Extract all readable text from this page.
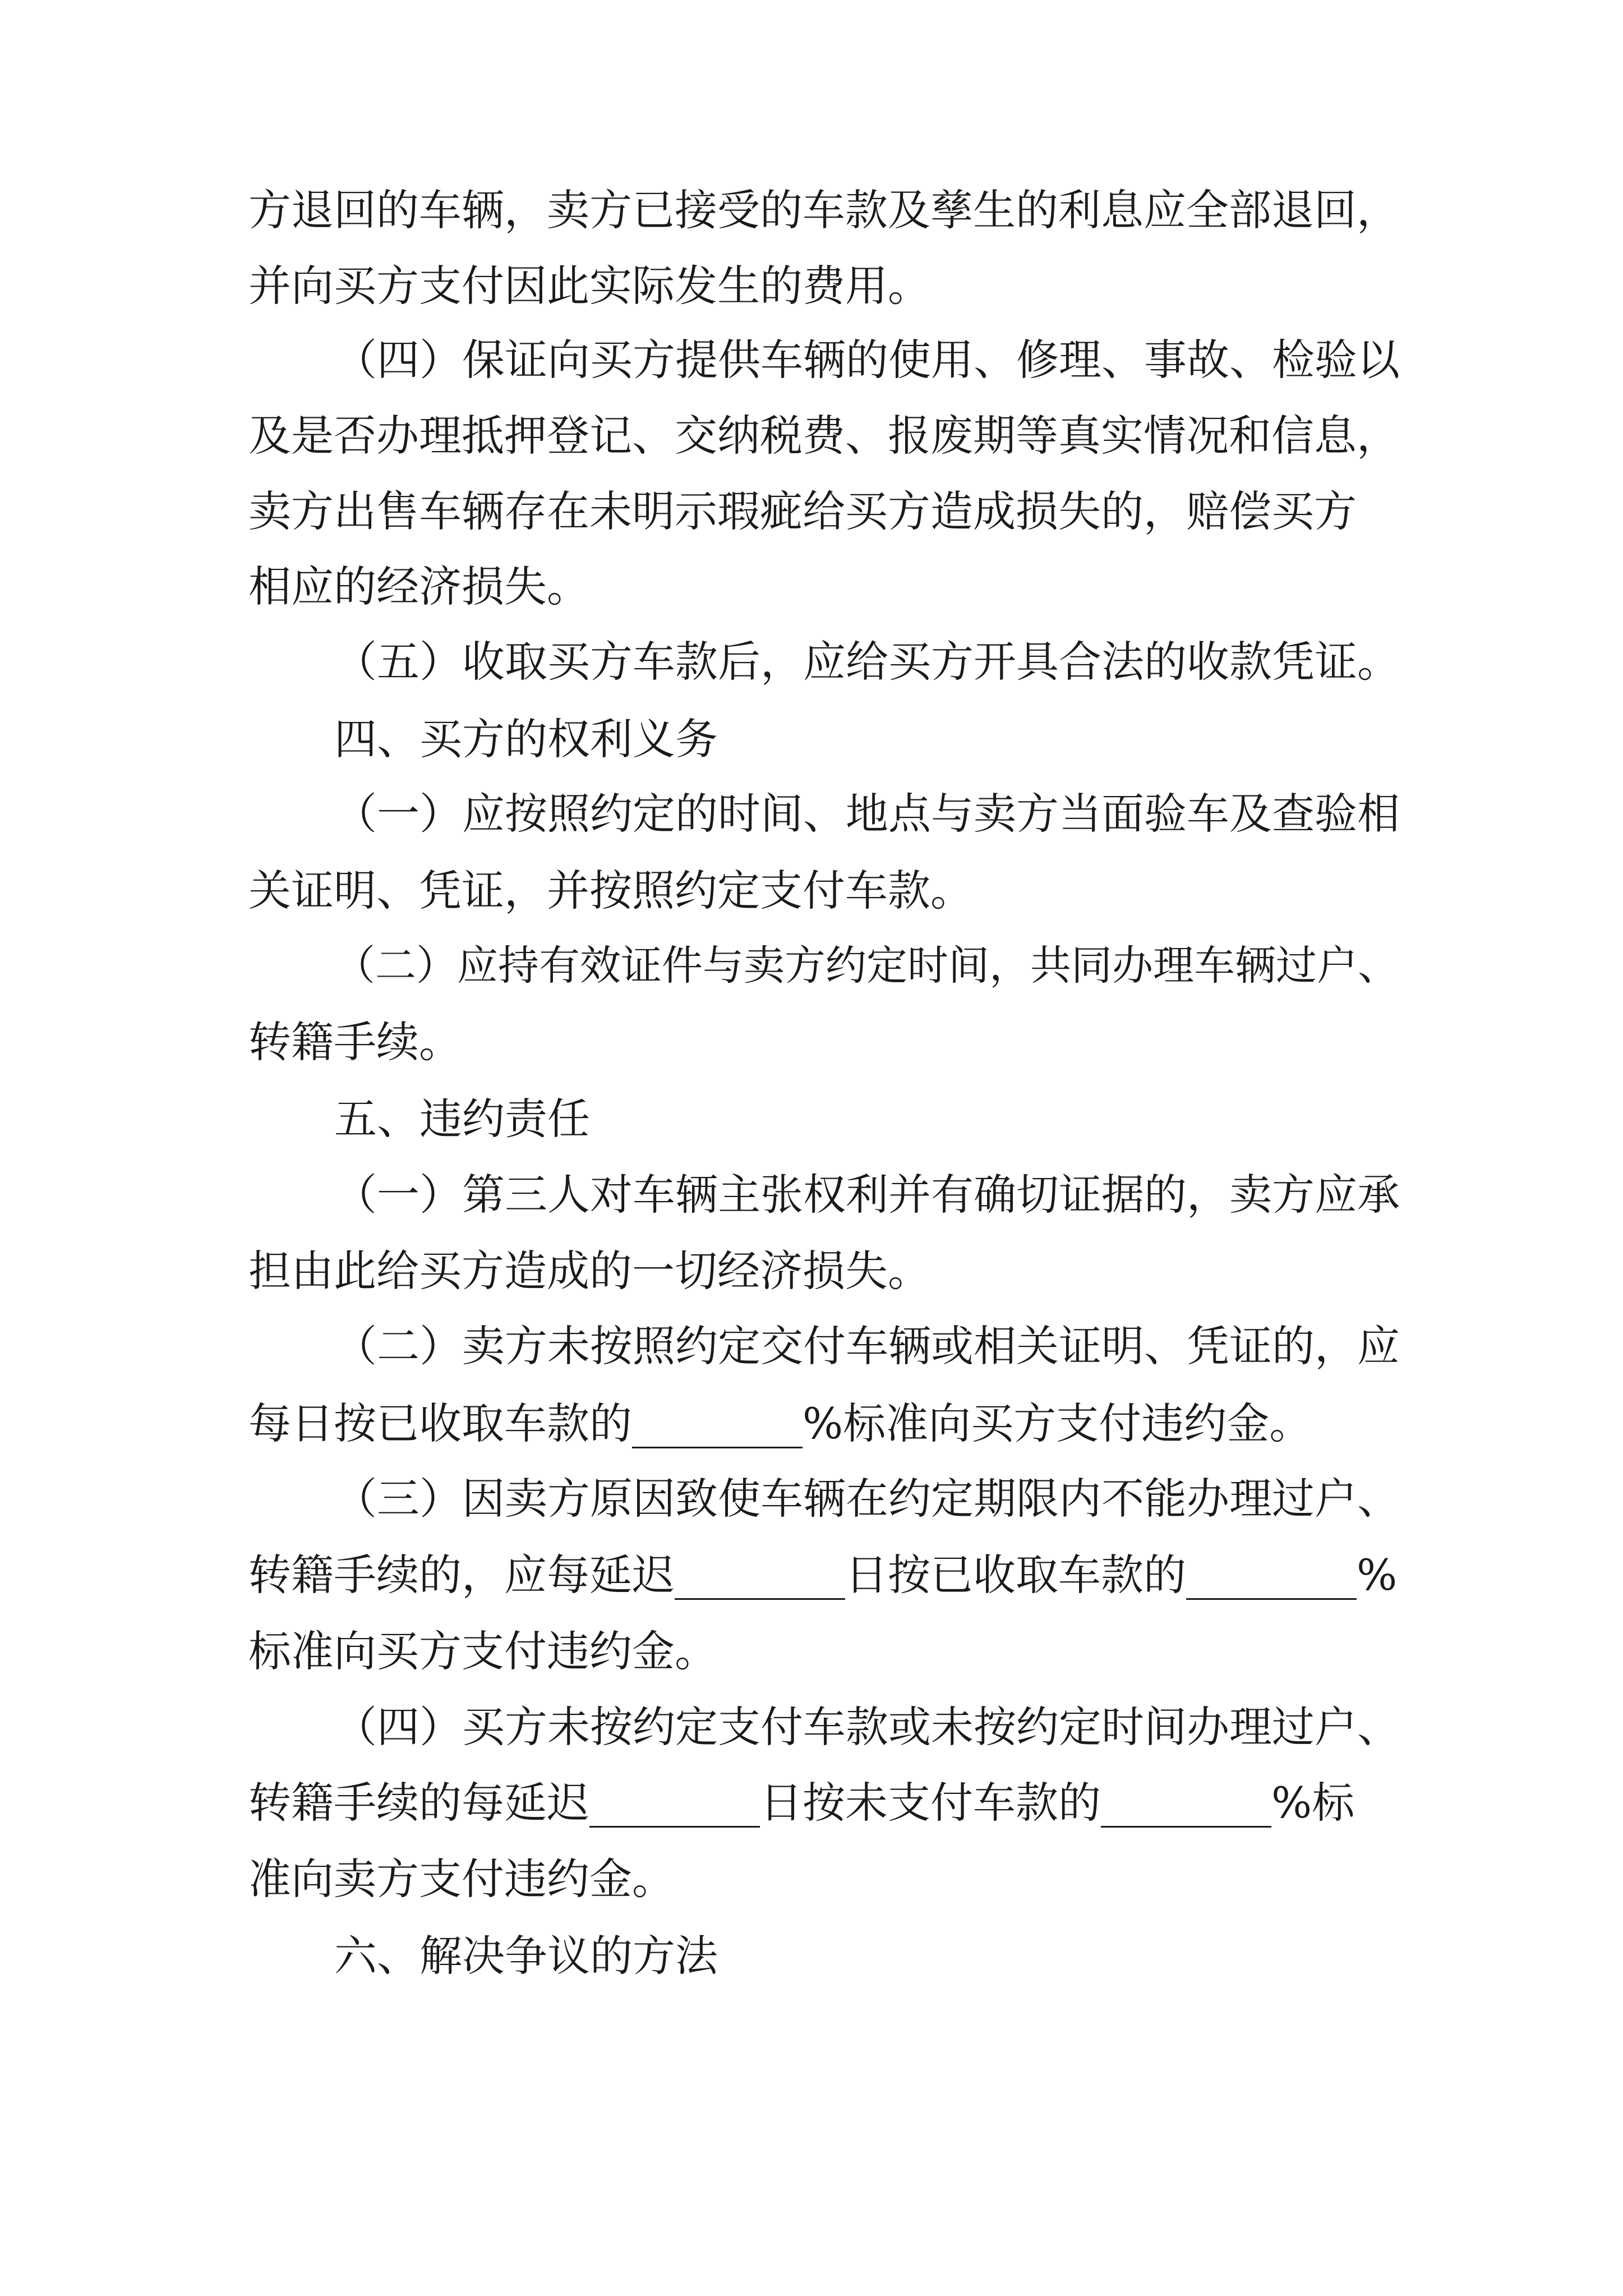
方退回的车辆，卖方已接受的车款及孳生的利息应全部退回，

并向买方支付因此实际发生的费用。

（四）保证向买方提供车辆的使用、修理、事故、检验以

及是否办理抵押登记、交纳税费、报废期等真实情况和信息，

卖方出售车辆存在未明示瑕疵给买方造成损失的，赔偿买方

相应的经济损失。

（五）收取买方车款后，应给买方开具合法的收款凭证。

四、买方的权利义务

（一）应按照约定的时间、地点与卖方当面验车及查验相

关证明、凭证，并按照约定支付车款。

（二）应持有效证件与卖方约定时间，共同办理车辆过户、

转籍手续。

五、违约责任

（一）第三人对车辆主张权利并有确切证据的，卖方应承

担由此给买方造成的一切经济损失。

（二）卖方未按照约定交付车辆或相关证明、凭证的，应

每日按已收取车款的________%标准向买方支付违约金。

（三）因卖方原因致使车辆在约定期限内不能办理过户、

转籍手续的，应每延迟________日按已收取车款的________%

标准向买方支付违约金。

（四）买方未按约定支付车款或未按约定时间办理过户、

转籍手续的每延迟________日按未支付车款的________%标

准向卖方支付违约金。

六、解决争议的方法
